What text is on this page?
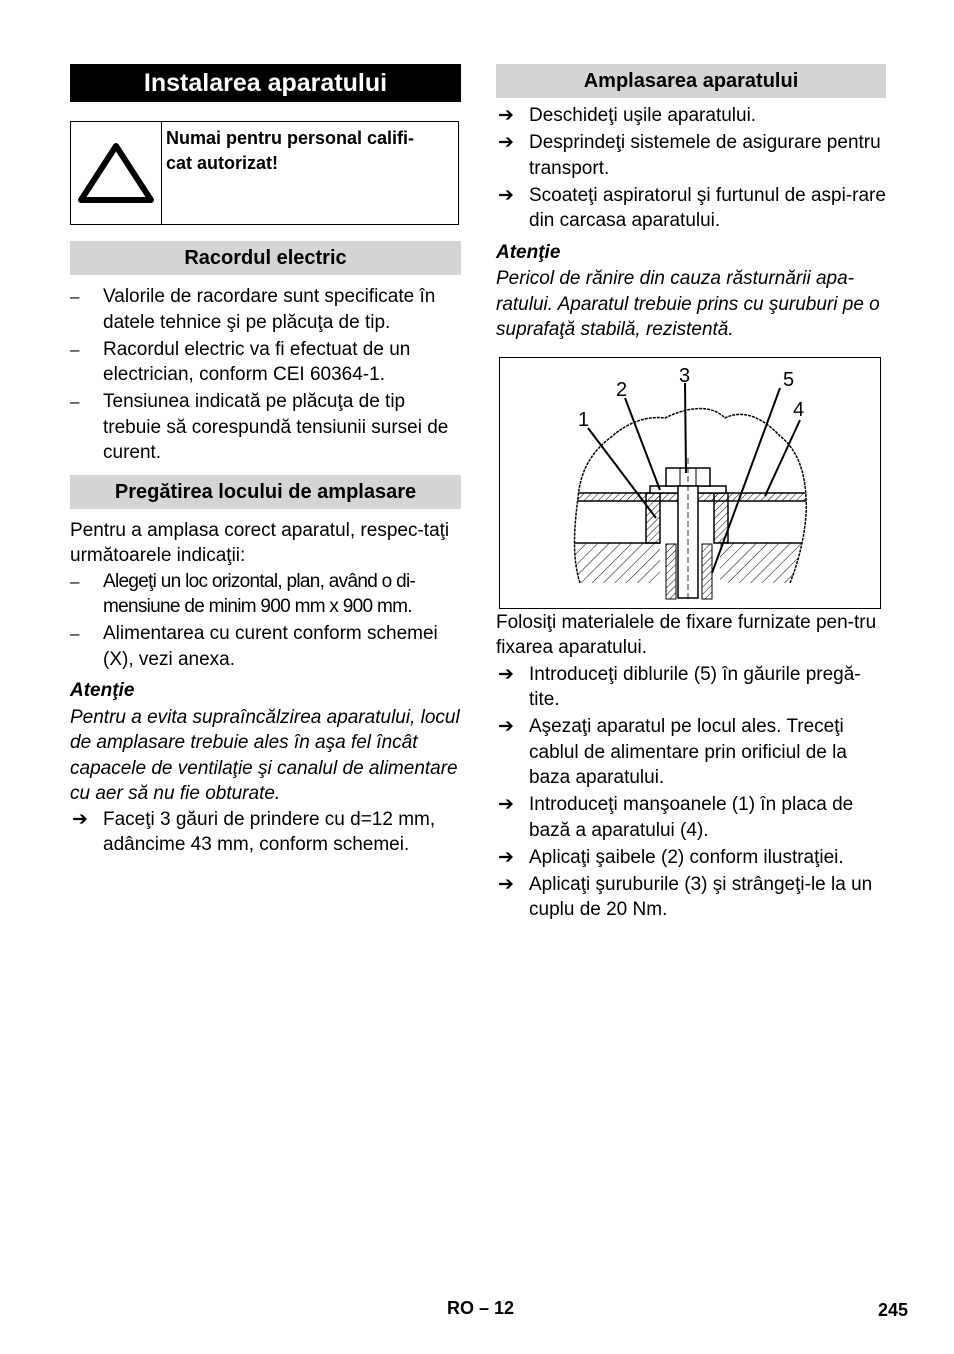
Instalarea aparatului
Numai pentru personal califi-
cat autorizat!
Racordul electric
– Valorile de racordare sunt specificate în datele tehnice şi pe plăcuţa de tip.
– Racordul electric va fi efectuat de un electrician, conform CEI 60364-1.
– Tensiunea indicată pe plăcuţa de tip trebuie să corespundă tensiunii sursei de curent.
Pregătirea locului de amplasare

Pentru a amplasa corect aparatul, respec-taţi următoarele indicaţii:

– Alegeţi un loc orizontal, plan, având o di-mensiune de minim 900 mm x 900 mm.
– Alimentarea cu curent conform schemei (X), vezi anexa.

Atenţie

Pentru a evita supraîncălzirea aparatului, locul de amplasare trebuie ales în aşa fel încât capacele de ventilaţie şi canalul de alimentare cu aer să nu fie obturate.

➔ Faceţi 3 găuri de prindere cu d=12 mm, adâncime 43 mm, conform schemei.
Amplasarea aparatului
➔ Deschideţi uşile aparatului.
➔ Desprindeţi sistemele de asigurare pentru transport.
➔ Scoateţi aspiratorul şi furtunul de aspi-rare din carcasa aparatului.

Atenţie

Pericol de rănire din cauza răsturnării apa-ratului. Aparatul trebuie prins cu şuruburi pe o suprafaţă stabilă, rezistentă.

1
2
3
4
5

Folosiţi materialele de fixare furnizate pen-tru fixarea aparatului.

➔ Introduceţi diblurile (5) în găurile pregă-tite.
➔ Aşezaţi aparatul pe locul ales. Treceţi cablul de alimentare prin orificiul de la baza aparatului.
➔ Introduceţi manşoanele (1) în placa de bază a aparatului (4).
➔ Aplicaţi şaibele (2) conform ilustraţiei.
➔ Aplicaţi şuruburile (3) şi strângeţi-le la un cuplu de 20 Nm.
RO – 12	245
